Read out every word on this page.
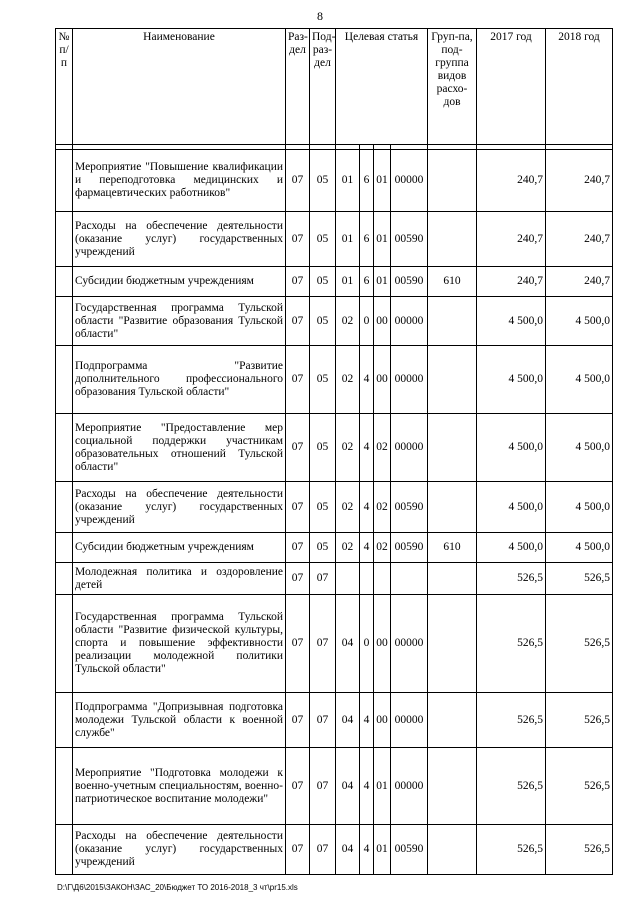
8
№ п/п	Наименование	Раз-дел	Под-раз-дел	Целевая статья				Груп-па, под-группа видов расхо-дов	2017 год	2018 год

	Мероприятие "Повышение квалификации и переподготовка медицинских и фармацевтических работников"	07	05	01	6	01	00000		240,7	240,7
	Расходы на обеспечение деятельности (оказание услуг) государственных учреждений	07	05	01	6	01	00590		240,7	240,7
	Субсидии бюджетным учреждениям	07	05	01	6	01	00590	610	240,7	240,7
	Государственная программа Тульской области "Развитие образования Тульской области"	07	05	02	0	00	00000		4 500,0	4 500,0
	Подпрограмма "Развитие дополнительного профессионального образования Тульской области"	07	05	02	4	00	00000		4 500,0	4 500,0
	Мероприятие "Предоставление мер социальной поддержки участникам образовательных отношений Тульской области"	07	05	02	4	02	00000		4 500,0	4 500,0
	Расходы на обеспечение деятельности (оказание услуг) государственных учреждений	07	05	02	4	02	00590		4 500,0	4 500,0
	Субсидии бюджетным учреждениям	07	05	02	4	02	00590	610	4 500,0	4 500,0
	Молодежная политика и оздоровление детей	07	07						526,5	526,5
	Государственная программа Тульской области "Развитие физической культуры, спорта и повышение эффективности реализации молодежной политики Тульской области"	07	07	04	0	00	00000		526,5	526,5
	Подпрограмма "Допризывная подготовка молодежи Тульской области к военной службе"	07	07	04	4	00	00000		526,5	526,5
	Мероприятие "Подготовка молодежи к военно-учетным специальностям, военно-патриотическое воспитание молодежи"	07	07	04	4	01	00000		526,5	526,5
	Расходы на обеспечение деятельности (оказание услуг) государственных учреждений	07	07	04	4	01	00590		526,5	526,5
D:\Г\Д6\2015\ЗАКОН\ЗАС_20\Бюджет ТО 2016-2018_3 чт\pr15.xls
